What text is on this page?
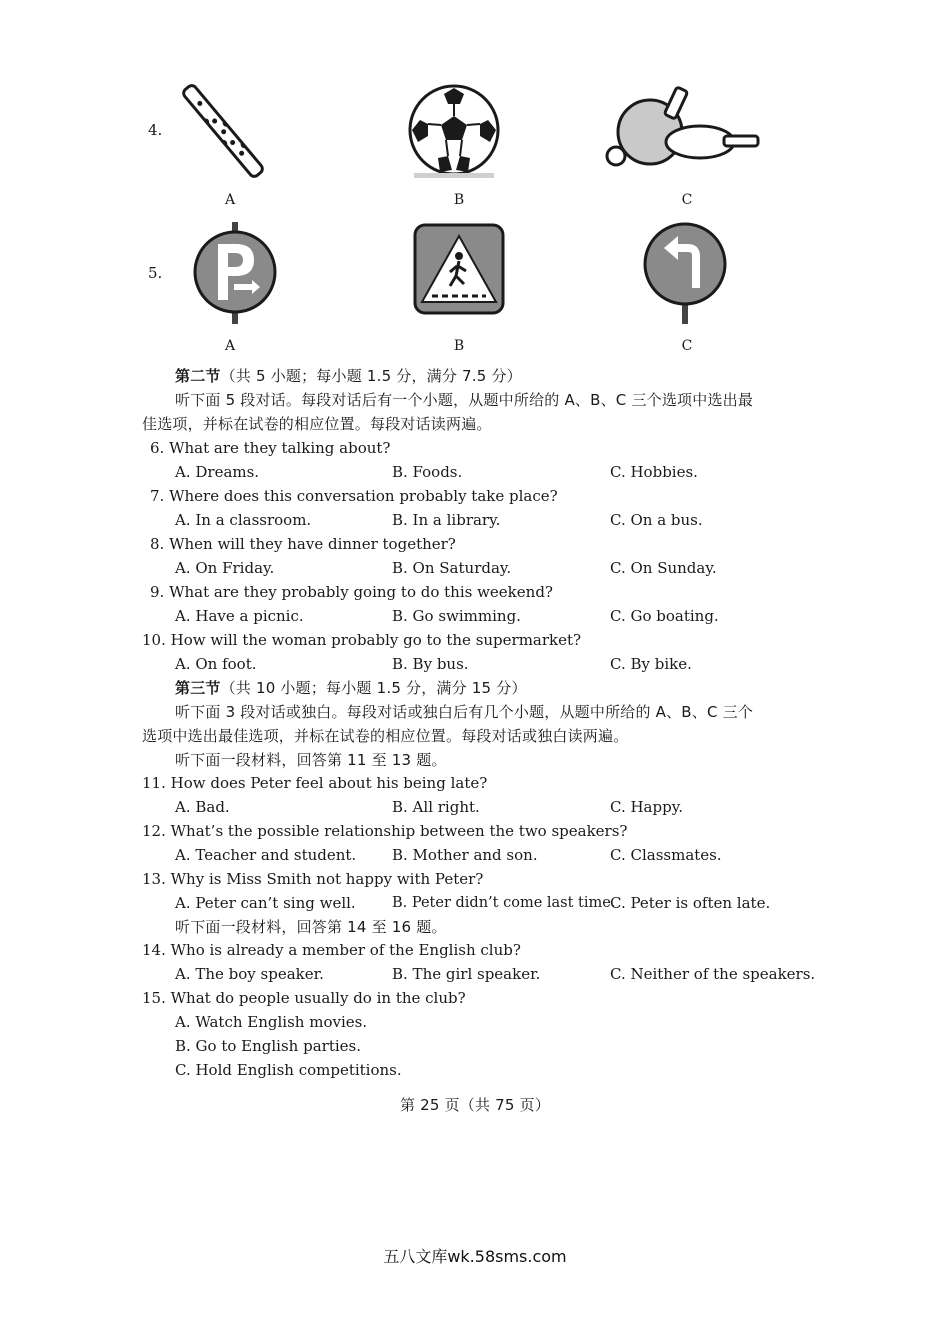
4.
A	B	C
5.
A	B	C
第二节（共 5 小题；每小题 1.5 分，满分 7.5 分）
听下面 5 段对话。每段对话后有一个小题，从题中所给的 A、B、C 三个选项中选出最
佳选项，并标在试卷的相应位置。每段对话读两遍。
6. What are they talking about?
A. Dreams.	B. Foods.	C. Hobbies.
7. Where does this conversation probably take place?
A. In a classroom.	B. In a library.	C. On a bus.
8. When will they have dinner together?
A. On Friday.	B. On Saturday.	C. On Sunday.
9. What are they probably going to do this weekend?
A. Have a picnic.	B. Go swimming.	C. Go boating.
10. How will the woman probably go to the supermarket?
A. On foot.	B. By bus.	C. By bike.
第三节（共 10 小题；每小题 1.5 分，满分 15 分）
听下面 3 段对话或独白。每段对话或独白后有几个小题，从题中所给的 A、B、C 三个
选项中选出最佳选项，并标在试卷的相应位置。每段对话或独白读两遍。
听下面一段材料，回答第 11 至 13 题。
11. How does Peter feel about his being late?
A. Bad.	B. All right.	C. Happy.
12. What’s the possible relationship between the two speakers?
A. Teacher and student. B. Mother and son.	C. Classmates.
13. Why is Miss Smith not happy with Peter?
A. Peter can’t sing well.	B. Peter didn’t come last time.
C. Peter is often late.
听下面一段材料，回答第 14 至 16 题。
14. Who is already a member of the English club?
A. The boy speaker.	B. The girl speaker.	C. Neither of the speakers.
15. What do people usually do in the club?
A. Watch English movies.
B. Go to English parties.
C. Hold English competitions.
第 25 页（共 75 页）
五八文库wk.58sms.com
